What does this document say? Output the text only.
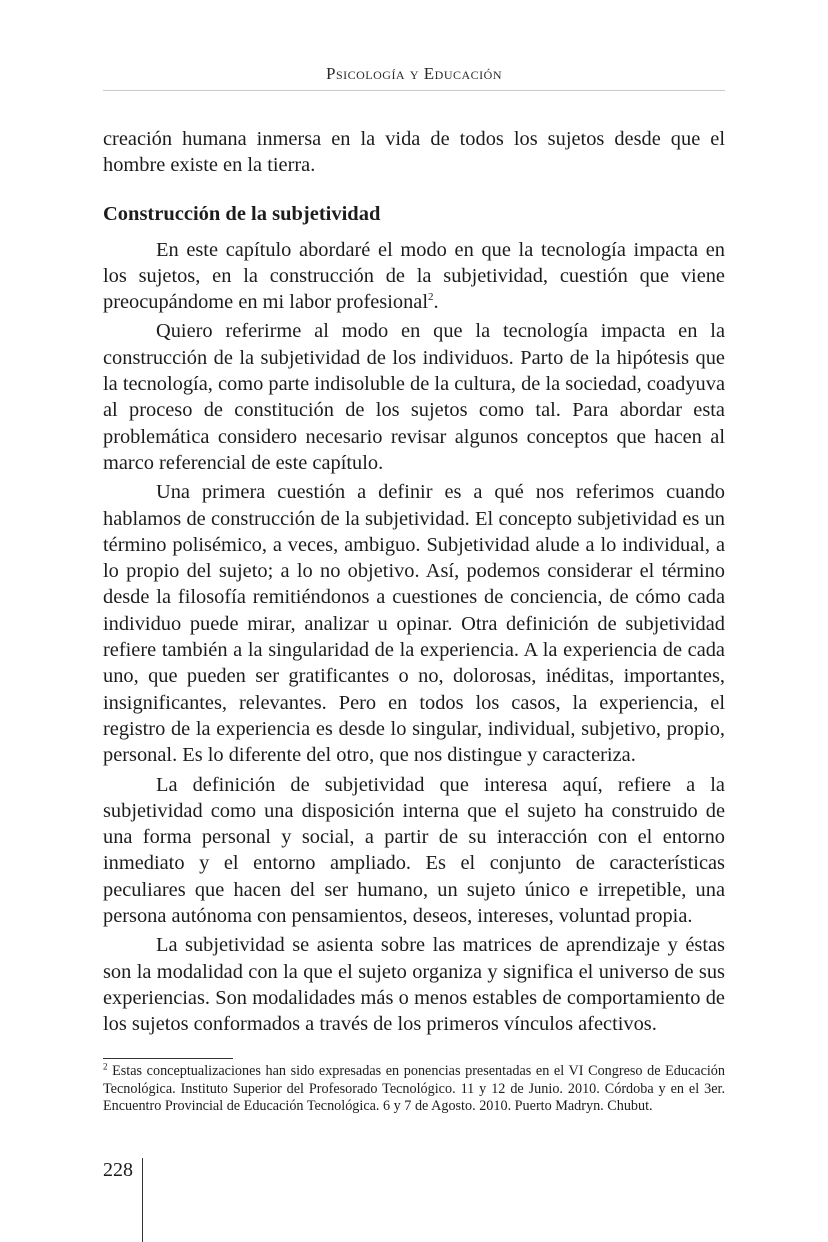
Psicología y Educación

creación humana inmersa en la vida de todos los sujetos desde que el hombre existe en la tierra.

Construcción de la subjetividad

En este capítulo abordaré el modo en que la tecnología impacta en los sujetos, en la construcción de la subjetividad, cuestión que viene preocupándome en mi labor profesional$^2$.

Quiero referirme al modo en que la tecnología impacta en la construcción de la subjetividad de los individuos. Parto de la hipótesis que la tecnología, como parte indisoluble de la cultura, de la sociedad, coadyuva al proceso de constitución de los sujetos como tal. Para abordar esta problemática considero necesario revisar algunos conceptos que hacen al marco referencial de este capítulo.

Una primera cuestión a definir es a qué nos referimos cuando hablamos de construcción de la subjetividad. El concepto subjetividad es un término polisémico, a veces, ambiguo. Subjetividad alude a lo individual, a lo propio del sujeto; a lo no objetivo. Así, podemos considerar el término desde la filosofía remitiéndonos a cuestiones de conciencia, de cómo cada individuo puede mirar, analizar u opinar. Otra definición de subjetividad refiere también a la singularidad de la experiencia. A la experiencia de cada uno, que pueden ser gratificantes o no, dolorosas, inéditas, importantes, insignificantes, relevantes. Pero en todos los casos, la experiencia, el registro de la experiencia es desde lo singular, individual, subjetivo, propio, personal. Es lo diferente del otro, que nos distingue y caracteriza.

La definición de subjetividad que interesa aquí, refiere a la subjetividad como una disposición interna que el sujeto ha construido de una forma personal y social, a partir de su interacción con el entorno inmediato y el entorno ampliado. Es el conjunto de características peculiares que hacen del ser humano, un sujeto único e irrepetible, una persona autónoma con pensamientos, deseos, intereses, voluntad propia.

La subjetividad se asienta sobre las matrices de aprendizaje y éstas son la modalidad con la que el sujeto organiza y significa el universo de sus experiencias. Son modalidades más o menos estables de comportamiento de los sujetos conformados a través de los primeros vínculos afectivos.

$^2$ Estas conceptualizaciones han sido expresadas en ponencias presentadas en el VI Congreso de Educación Tecnológica. Instituto Superior del Profesorado Tecnológico. 11 y 12 de Junio. 2010. Córdoba y en el 3er. Encuentro Provincial de Educación Tecnológica. 6 y 7 de Agosto. 2010. Puerto Madryn. Chubut.
228
